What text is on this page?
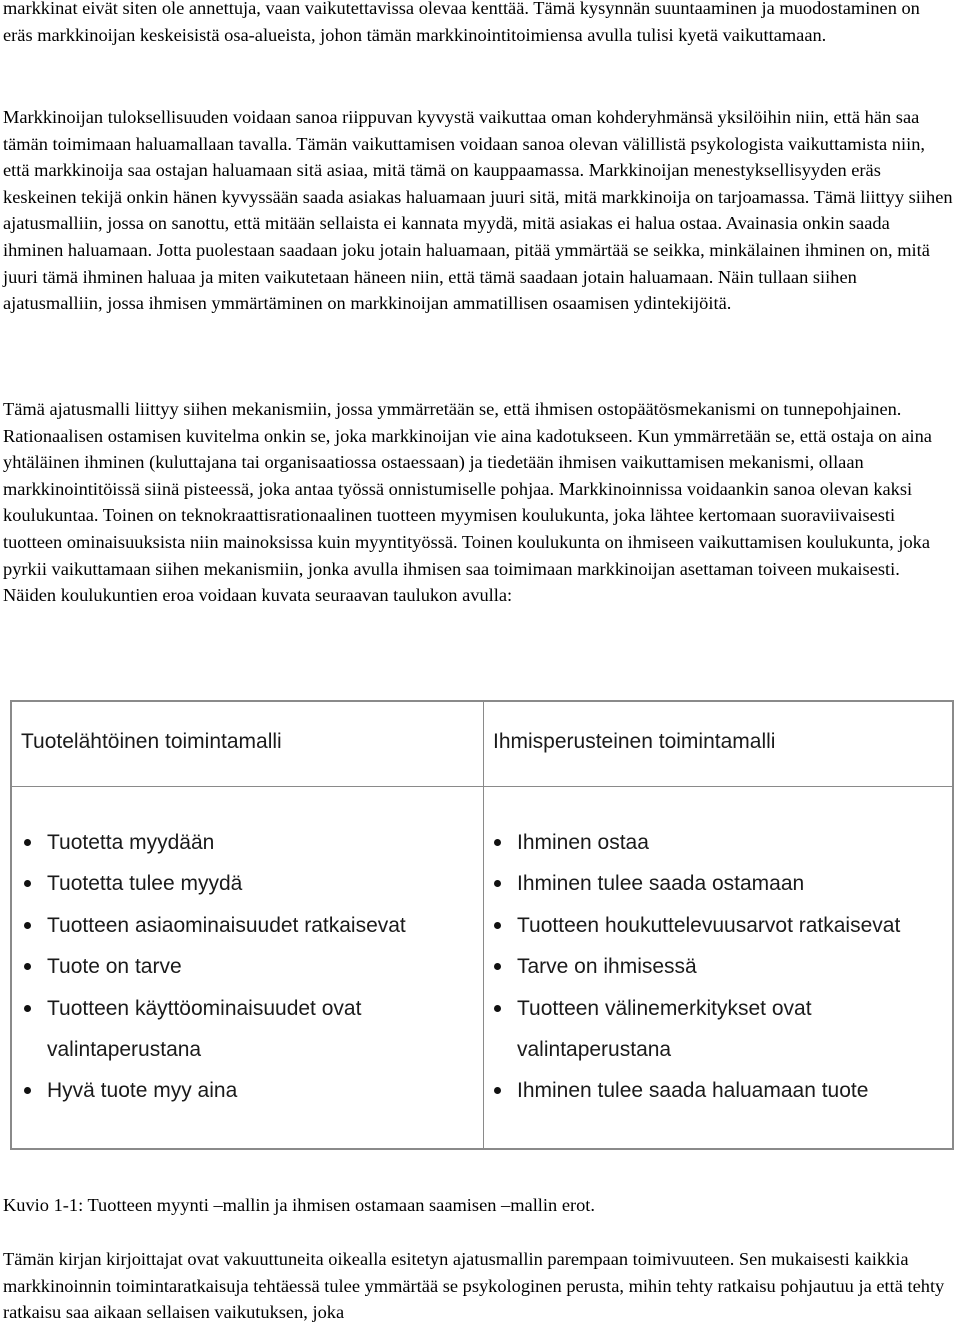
markkinat eivät siten ole annettuja, vaan vaikutettavissa olevaa kenttää. Tämä kysynnän suuntaaminen ja muodostaminen on eräs markkinoijan keskeisistä osa-alueista, johon tämän markkinointitoimiensa avulla tulisi kyetä vaikuttamaan.

Markkinoijan tuloksellisuuden voidaan sanoa riippuvan kyvystä vaikuttaa oman kohderyhmänsä yksilöihin niin, että hän saa tämän toimimaan haluamallaan tavalla. Tämän vaikuttamisen voidaan sanoa olevan välillistä psykologista vaikuttamista niin, että markkinoija saa ostajan haluamaan sitä asiaa, mitä tämä on kauppaamassa. Markkinoijan menestyksellisyyden eräs keskeinen tekijä onkin hänen kyvyssään saada asiakas haluamaan juuri sitä, mitä markkinoija on tarjoamassa. Tämä liittyy siihen ajatusmalliin, jossa on sanottu, että mitään sellaista ei kannata myydä, mitä asiakas ei halua ostaa. Avainasia onkin saada ihminen haluamaan. Jotta puolestaan saadaan joku jotain haluamaan, pitää ymmärtää se seikka, minkälainen ihminen on, mitä juuri tämä ihminen haluaa ja miten vaikutetaan häneen niin, että tämä saadaan jotain haluamaan. Näin tullaan siihen ajatusmalliin, jossa ihmisen ymmärtäminen on markkinoijan ammatillisen osaamisen ydintekijöitä.

Tämä ajatusmalli liittyy siihen mekanismiin, jossa ymmärretään se, että ihmisen ostopäätösmekanismi on tunnepohjainen. Rationaalisen ostamisen kuvitelma onkin se, joka markkinoijan vie aina kadotukseen. Kun ymmärretään se, että ostaja on aina yhtäläinen ihminen (kuluttajana tai organisaatiossa ostaessaan) ja tiedetään ihmisen vaikuttamisen mekanismi, ollaan markkinointitöissä siinä pisteessä, joka antaa työssä onnistumiselle pohjaa. Markkinoinnissa voidaankin sanoa olevan kaksi koulukuntaa. Toinen on teknokraattisrationaalinen tuotteen myymisen koulukunta, joka lähtee kertomaan suoraviivaisesti tuotteen ominaisuuksista niin mainoksissa kuin myyntityössä. Toinen koulukunta on ihmiseen vaikuttamisen koulukunta, joka pyrkii vaikuttamaan siihen mekanismiin, jonka avulla ihmisen saa toimimaan markkinoijan asettaman toiveen mukaisesti. Näiden koulukuntien eroa voidaan kuvata seuraavan taulukon avulla:

Tuotelähtöinen toimintamalli	Ihmisperusteinen toimintamalli

Tuotetta myydään
Tuotetta tulee myydä
Tuotteen asiaominaisuudet ratkaisevat
Tuote on tarve
Tuotteen käyttöominaisuudet ovat valintaperustana
Hyvä tuote myy aina
Ihminen ostaa
Ihminen tulee saada ostamaan
Tuotteen houkuttelevuusarvot ratkaisevat
Tarve on ihmisessä
Tuotteen välinemerkitykset ovat valintaperustana
Ihminen tulee saada haluamaan tuote

Kuvio 1-1: Tuotteen myynti –mallin ja ihmisen ostamaan saamisen –mallin erot.

Tämän kirjan kirjoittajat ovat vakuuttuneita oikealla esitetyn ajatusmallin parempaan toimivuuteen. Sen mukaisesti kaikkia markkinoinnin toimintaratkaisuja tehtäessä tulee ymmärtää se psykologinen perusta, mihin tehty ratkaisu pohjautuu ja että tehty ratkaisu saa aikaan sellaisen vaikutuksen, joka
